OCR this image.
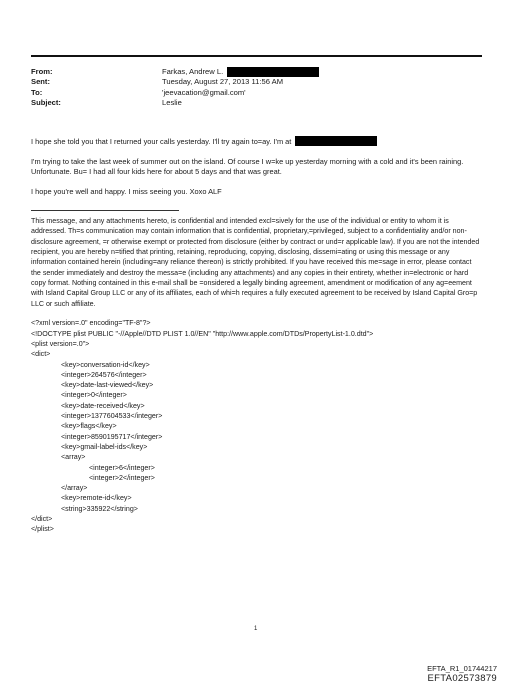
From:	Farkas, Andrew L.
Sent:	Tuesday, August 27, 2013 11:56 AM
To:	'jeevacation@gmail.com'
Subject:	Leslie

I hope she told you that I returned your calls yesterday. I'll try again to=ay. I'm at

I'm trying to take the last week of summer out on the island. Of course I w=ke up yesterday morning with a cold and it's been raining. Unfortunate. Bu= I had all four kids here for about 5 days and that was great.

I hope you're well and happy. I miss seeing you. Xoxo ALF

This message, and any attachments hereto, is confidential and intended excl=sively for the use of the individual or entity to whom it is addressed. Th=s communication may contain information that is confidential, proprietary,=privileged, subject to a confidentiality and/or non-disclosure agreement, =r otherwise exempt or protected from disclosure (either by contract or und=r applicable law). If you are not the intended recipient, you are hereby n=tified that printing, retaining, reproducing, copying, disclosing, dissemi=ating or using this message or any information contained herein (including=any reliance thereon) is strictly prohibited. If you have received this me=sage in error, please contact the sender immediately and destroy the messa=e (including any attachments) and any copies in their entirety, whether in=electronic or hard copy format. Nothing contained in this e-mail shall be =onsidered a legally binding agreement, amendment or modification of any ag=eement with Island Capital Group LLC or any of its affiliates, each of whi=h requires a fully executed agreement to be received by Island Capital Gro=p LLC or such affiliate.

<?xml version=.0" encoding="TF-8"?>
<!DOCTYPE plist PUBLIC "-//Apple//DTD PLIST 1.0//EN" "http://www.apple.com/DTDs/PropertyList-1.0.dtd">
<plist version=.0">
<dict>
<key>conversation-id</key>
<integer>264576</integer>
<key>date-last-viewed</key>
<integer>0</integer>
<key>date-received</key>
<integer>1377604533</integer>
<key>flags</key>
<integer>8590195717</integer>
<key>gmail-label-ids</key>
<array>
<integer>6</integer>
<integer>2</integer>
</array>
<key>remote-id</key>
<string>335922</string>
</dict>
</plist>
1
EFTA_R1_01744217
EFTA02573879
